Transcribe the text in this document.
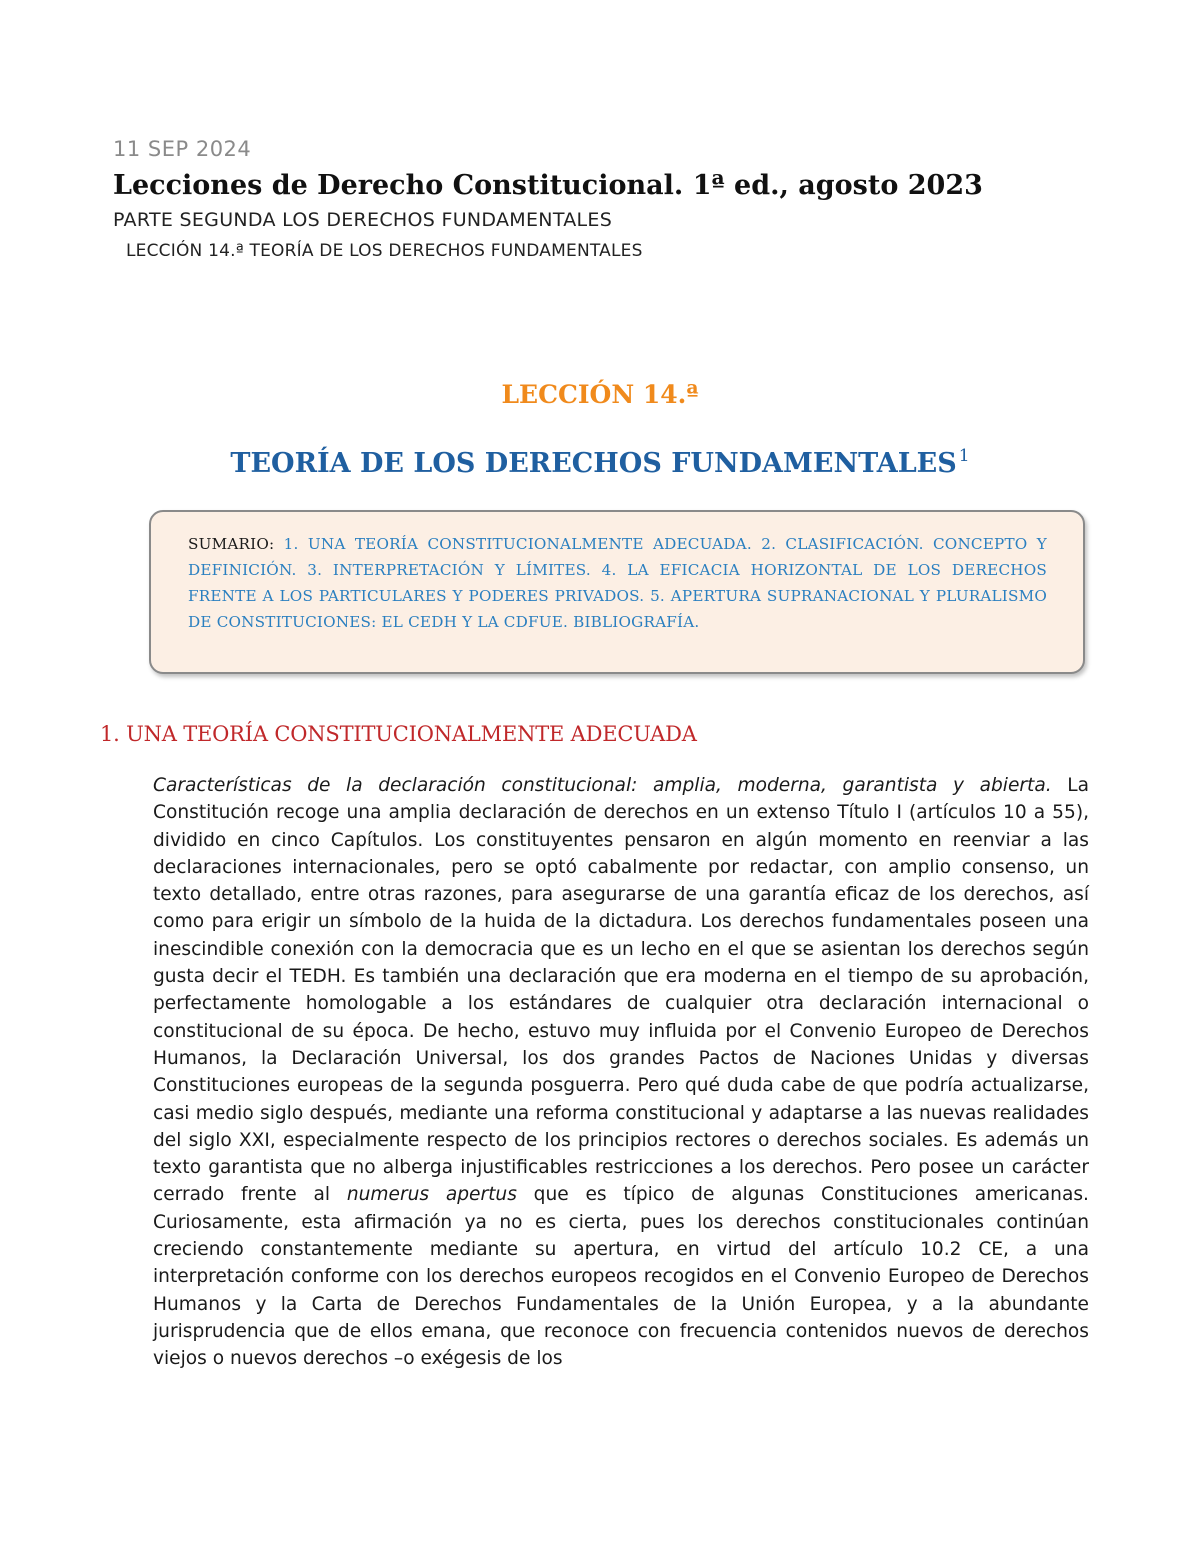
11 SEP 2024
Lecciones de Derecho Constitucional. 1ª ed., agosto 2023
PARTE SEGUNDA LOS DERECHOS FUNDAMENTALES
LECCIÓN 14.ª TEORÍA DE LOS DERECHOS FUNDAMENTALES
LECCIÓN 14.ª
TEORÍA DE LOS DERECHOS FUNDAMENTALES $^1$
SUMARIO: 1. UNA TEORÍA CONSTITUCIONALMENTE ADECUADA. 2. CLASIFICACIÓN. CONCEPTO Y DEFINICIÓN. 3. INTERPRETACIÓN Y LÍMITES. 4. LA EFICACIA HORIZONTAL DE LOS DERECHOS FRENTE A LOS PARTICULARES Y PODERES PRIVADOS. 5. APERTURA SUPRANACIONAL Y PLURALISMO DE CONSTITUCIONES: EL CEDH Y LA CDFUE. BIBLIOGRAFÍA.
1. UNA TEORÍA CONSTITUCIONALMENTE ADECUADA
Características de la declaración constitucional: amplia, moderna, garantista y abierta. La Constitución recoge una amplia declaración de derechos en un extenso Título I (artículos 10 a 55), dividido en cinco Capítulos. Los constituyentes pensaron en algún momento en reenviar a las declaraciones internacionales, pero se optó cabalmente por redactar, con amplio consenso, un texto detallado, entre otras razones, para asegurarse de una garantía eficaz de los derechos, así como para erigir un símbolo de la huida de la dictadura. Los derechos fundamentales poseen una inescindible conexión con la democracia que es un lecho en el que se asientan los derechos según gusta decir el TEDH. Es también una declaración que era moderna en el tiempo de su aprobación, perfectamente homologable a los estándares de cualquier otra declaración internacional o constitucional de su época. De hecho, estuvo muy influida por el Convenio Europeo de Derechos Humanos, la Declaración Universal, los dos grandes Pactos de Naciones Unidas y diversas Constituciones europeas de la segunda posguerra. Pero qué duda cabe de que podría actualizarse, casi medio siglo después, mediante una reforma constitucional y adaptarse a las nuevas realidades del siglo XXI, especialmente respecto de los principios rectores o derechos sociales. Es además un texto garantista que no alberga injustificables restricciones a los derechos. Pero posee un carácter cerrado frente al numerus apertus que es típico de algunas Constituciones americanas. Curiosamente, esta afirmación ya no es cierta, pues los derechos constitucionales continúan creciendo constantemente mediante su apertura, en virtud del artículo 10.2 CE, a una interpretación conforme con los derechos europeos recogidos en el Convenio Europeo de Derechos Humanos y la Carta de Derechos Fundamentales de la Unión Europea, y a la abundante jurisprudencia que de ellos emana, que reconoce con frecuencia contenidos nuevos de derechos viejos o nuevos derechos –o exégesis de los
